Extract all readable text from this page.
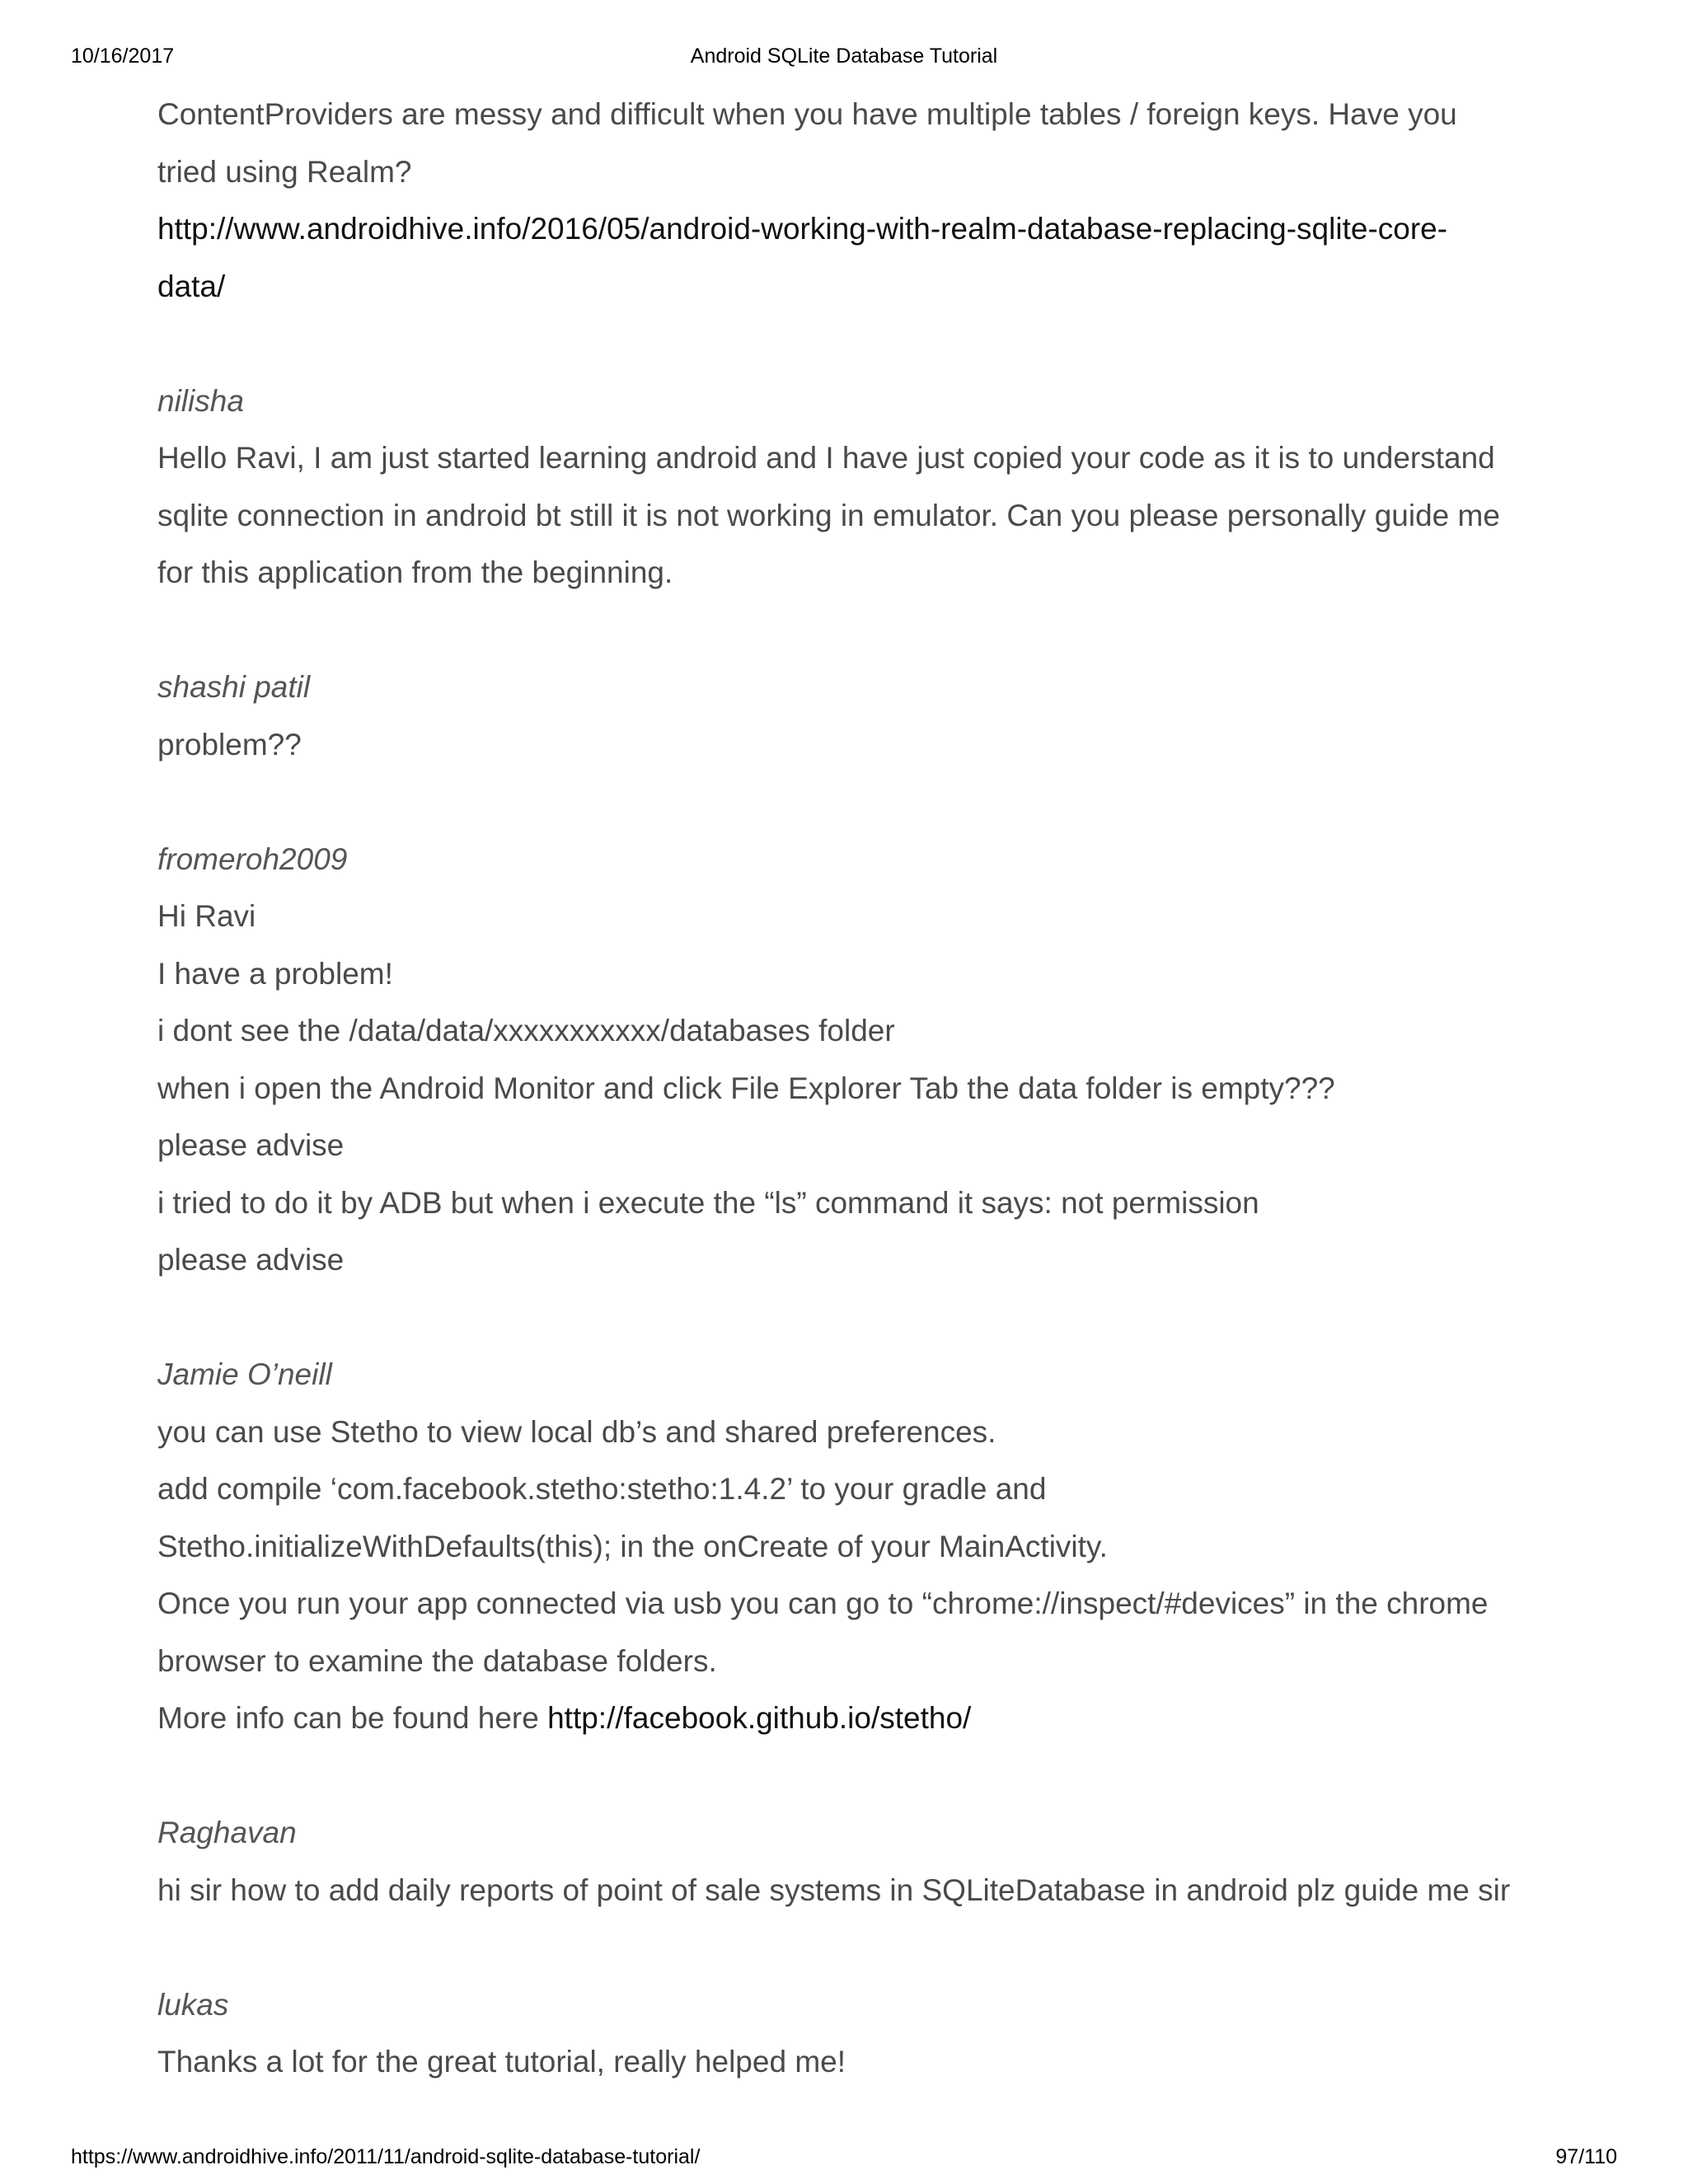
10/16/2017	Android SQLite Database Tutorial
ContentProviders are messy and difficult when you have multiple tables / foreign keys. Have you
tried using Realm?
http://www.androidhive.info/2016/05/android-working-with-realm-database-replacing-sqlite-core-
data/
nilisha
Hello Ravi, I am just started learning android and I have just copied your code as it is to understand
sqlite connection in android bt still it is not working in emulator. Can you please personally guide me
for this application from the beginning.
shashi patil
problem??
fromeroh2009
Hi Ravi
I have a problem!
i dont see the /data/data/xxxxxxxxxxx/databases folder
when i open the Android Monitor and click File Explorer Tab the data folder is empty???
please advise
i tried to do it by ADB but when i execute the “ls” command it says: not permission
please advise
Jamie O’neill
you can use Stetho to view local db’s and shared preferences.
add compile ‘com.facebook.stetho:stetho:1.4.2’ to your gradle and
Stetho.initializeWithDefaults(this); in the onCreate of your MainActivity.
Once you run your app connected via usb you can go to “chrome://inspect/#devices” in the chrome
browser to examine the database folders.
More info can be found here http://facebook.github.io/stetho/
Raghavan
hi sir how to add daily reports of point of sale systems in SQLiteDatabase in android plz guide me sir
lukas
Thanks a lot for the great tutorial, really helped me!
https://www.androidhive.info/2011/11/android-sqlite-database-tutorial/	97/110
